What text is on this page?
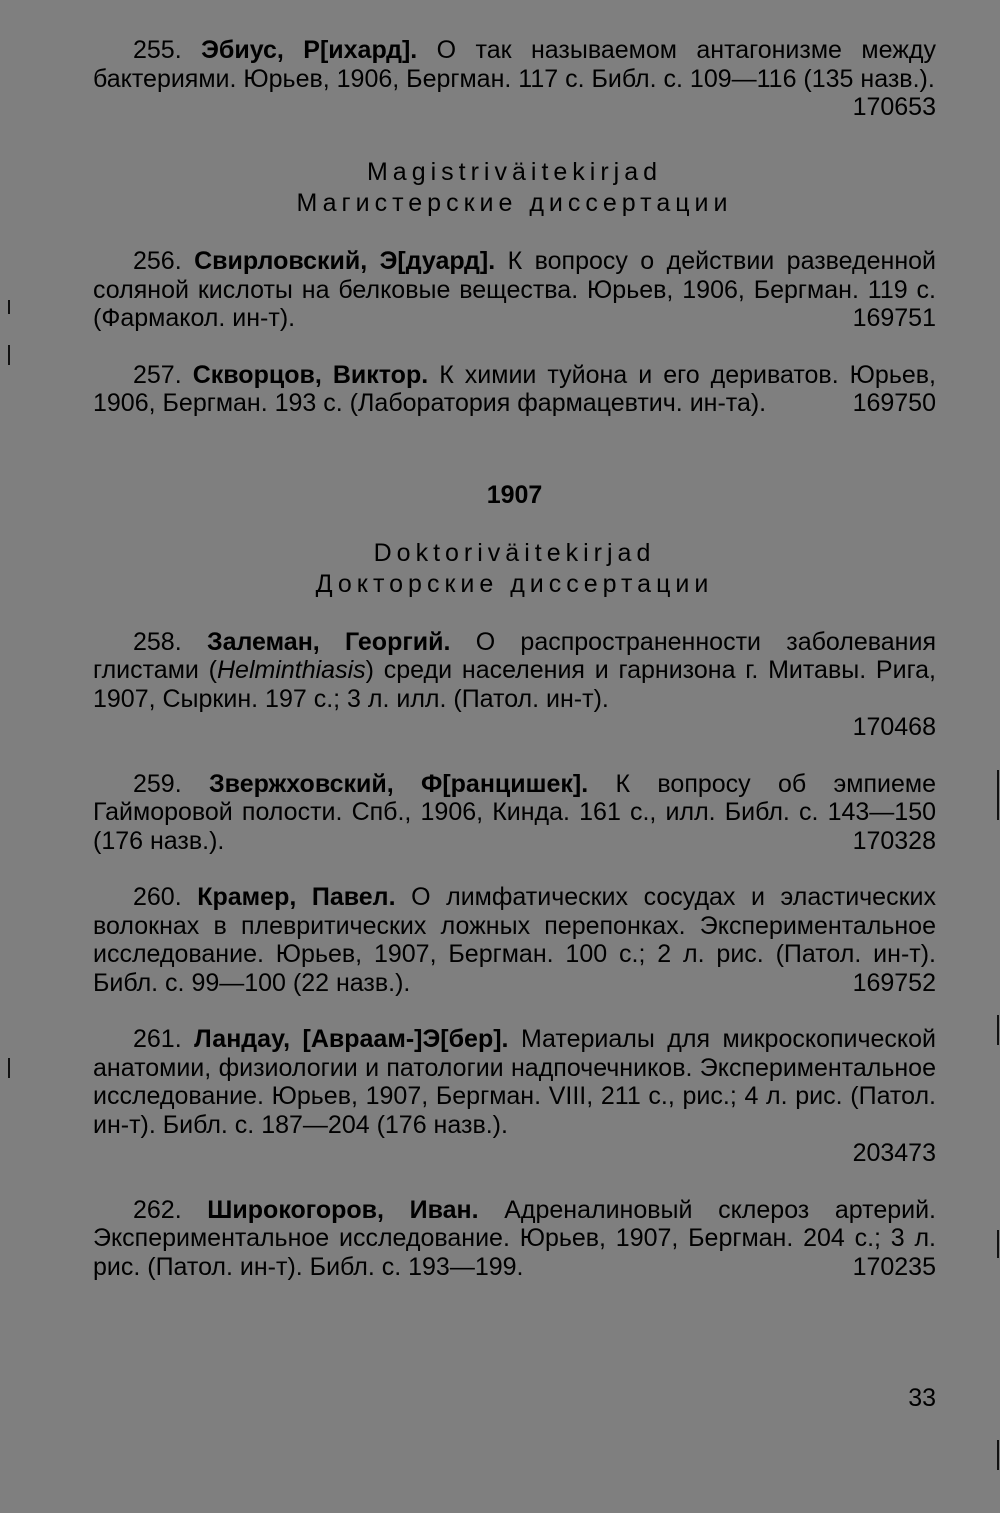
255. Эбиус, Р[ихард]. О так называемом антагонизме между бактериями. Юрьев, 1906, Бергман. 117 с. Библ. с. 109—116 (135 назв.).
170653
Magistriväitekirjad
Магистерские диссертации
256. Свирловский, Э[дуард]. К вопросу о действии разведенной соляной кислоты на белковые вещества. Юрьев, 1906, Бергман. 119 с. (Фармакол. ин-т).	169751
257. Скворцов, Виктор. К химии туйона и его дериватов. Юрьев, 1906, Бергман. 193 с. (Лаборатория фармацевтич. ин-та).	169750
1907
Doktoriväitekirjad
Докторские диссертации
258. Залеман, Георгий. О распространенности заболевания глистами (Helminthiasis) среди населения и гарнизона г. Митавы. Рига, 1907, Сыркин. 197 с.; 3 л. илл. (Патол. ин-т).
170468
259. Звержховский, Ф[ранцишек]. К вопросу об эмпиеме Гаймоpовой полости. Спб., 1906, Кинда. 161 с., илл. Библ. с. 143—150 (176 назв.).	170328
260. Крамер, Павел. О лимфатических сосудах и эластических волокнах в плевритических ложных перепонках. Экспериментальное исследование. Юрьев, 1907, Бергман. 100 с.; 2 л. рис. (Патол. ин-т). Библ. с. 99—100 (22 назв.).	169752
261. Ландау, [Авраам-]Э[бер]. Материалы для микроскопической анатомии, физиологии и патологии надпочечников. Экспериментальное исследование. Юрьев, 1907, Бергман. VIII, 211 с., рис.; 4 л. рис. (Патол. ин-т). Библ. с. 187—204 (176 назв.).
203473
262. Широкогоров, Иван. Адреналиновый склероз артерий. Экспериментальное исследование. Юрьев, 1907, Бергман. 204 с.; 3 л. рис. (Патол. ин-т). Библ. с. 193—199.	170235
33
